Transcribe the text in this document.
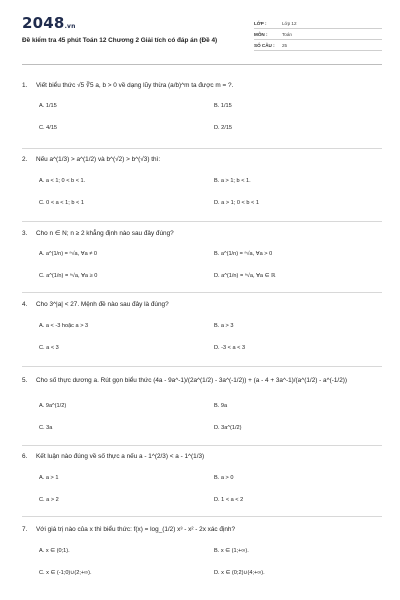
2048.vn
Đề kiểm tra 45 phút Toán 12 Chương 2 Giải tích có đáp án (Đề 4)
LỚP :	Lớp 12
MÔN :	Toán
SỐ CÂU :	25
1. Viết biểu thức √5 ∛5 a, b > 0 về dạng lũy thừa (a/b)^m ta được m = ?.
A. 1/15	B. 1/15
C. 4/15	D. 2/15
2. Nếu a^(1/3) > a^(1/2) và b^(√2) > b^(√3) thì:
A. a < 1; 0 < b < 1.	B. a > 1; b < 1.
C. 0 < a < 1; b < 1	D. a > 1; 0 < b < 1
3. Cho n ∈ N; n ≥ 2 khẳng định nào sau đây đúng?
A. a^(1/n) = ⁿ√a, ∀a ≠ 0	B. a^(1/n) = ⁿ√a, ∀a > 0
C. a^(1/n) = ⁿ√a, ∀a ≥ 0	D. a^(1/n) = ⁿ√a, ∀a ∈ ℝ
4. Cho 3^|a| < 27. Mệnh đề nào sau đây là đúng?
A. a < -3 hoặc a > 3	B. a > 3
C. a < 3	D. -3 < a < 3
5. Cho số thực dương a. Rút gọn biểu thức (4a - 9a^-1)/(2a^(1/2) - 3a^(-1/2)) + (a - 4 + 3a^-1)/(a^(1/2) - a^(-1/2))
A. 9a^(1/2)	B. 9a
C. 3a	D. 3a^(1/2)
6. Kết luận nào đúng về số thực a nếu a - 1^(2/3) < a - 1^(1/3)
A. a > 1	B. a > 0
C. a > 2	D. 1 < a < 2
7. Với giá trị nào của x thì biểu thức: f(x) = log_(1/2) x³ - x² - 2x xác định?
A. x ∈ (0;1).	B. x ∈ (1;+∞).
C. x ∈ (-1;0)∪(2;+∞).	D. x ∈ (0;2)∪(4;+∞).
